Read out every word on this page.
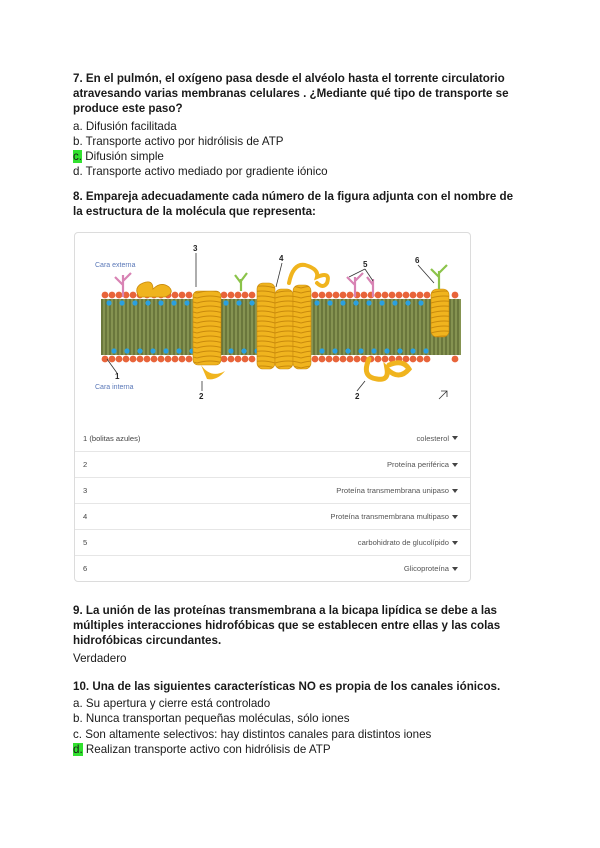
7. En el pulmón, el oxígeno pasa desde el alvéolo hasta el torrente circulatorio atravesando varias membranas celulares . ¿Mediante qué tipo de transporte se produce este paso?

a. Difusión facilitada

b. Transporte activo por hidrólisis de ATP

c. Difusión simple

d. Transporte activo mediado por gradiente iónico

8. Empareja adecuadamente cada número de la figura adjunta con el nombre de la estructura de la molécula que representa:

Cara externa
Cara interna
1
2	2
3
4
5	6
1 (bolitas azules)	colesterol
2	Proteína periférica
3	Proteína transmembrana unipaso
4	Proteína transmembrana multipaso
5	carbohidrato de glucolípido
6	Glicoproteína

9. La unión de las proteínas transmembrana a la bicapa lipídica se debe a las múltiples interacciones hidrofóbicas que se establecen entre ellas y las colas hidrofóbicas circundantes.

Verdadero

10. Una de las siguientes características NO es propia de los canales iónicos.

a. Su apertura y cierre está controlado

b. Nunca transportan pequeñas moléculas, sólo iones

c. Son altamente selectivos: hay distintos canales para distintos iones

d. Realizan transporte activo con hidrólisis de ATP
